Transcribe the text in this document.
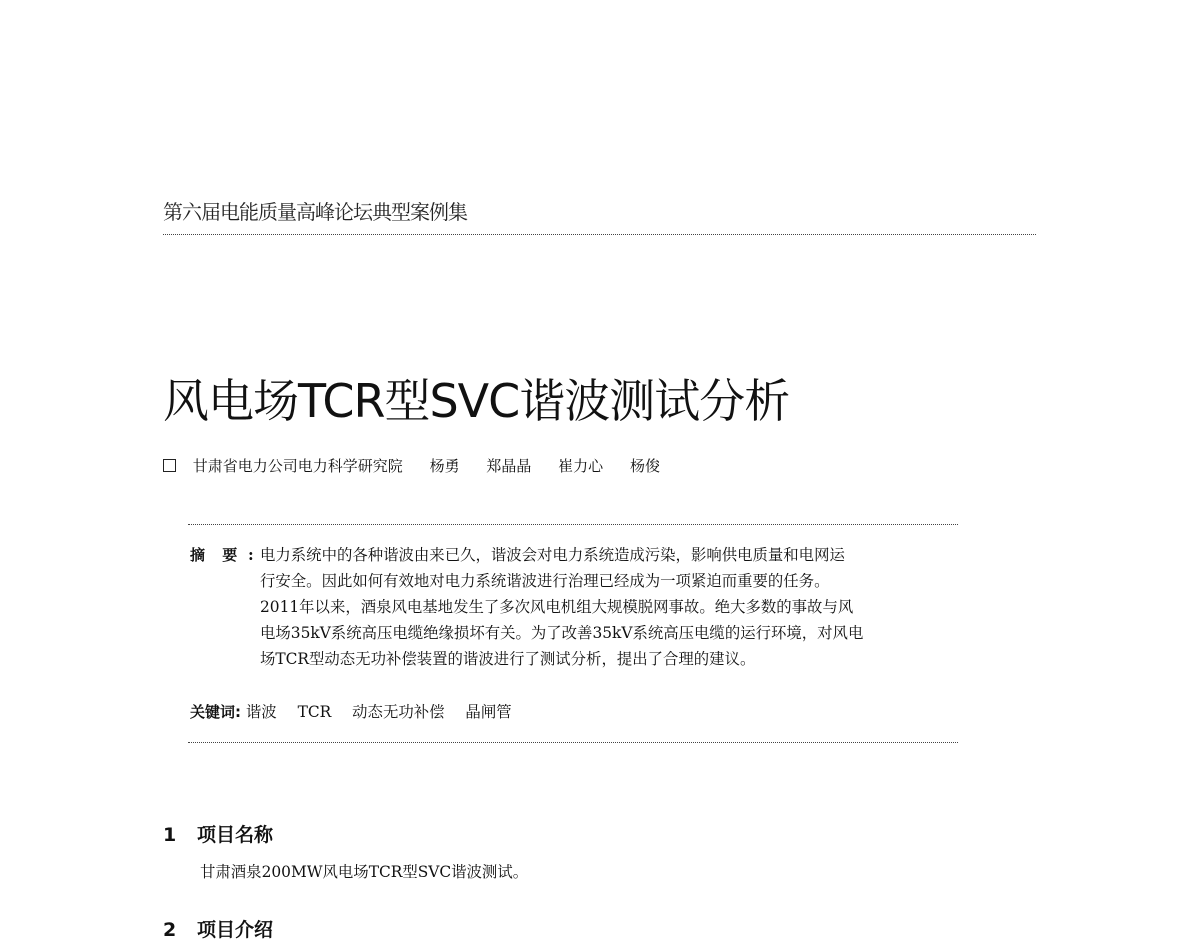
第六届电能质量高峰论坛典型案例集
风电场TCR型SVC谐波测试分析
甘肃省电力公司电力科学研究院 杨勇 郑晶晶 崔力心 杨俊
摘 要 : 电力系统中的各种谐波由来已久，谐波会对电力系统造成污染，影响供电质量和电网运
行安全。因此如何有效地对电力系统谐波进行治理已经成为一项紧迫而重要的任务。
2011年以来，酒泉风电基地发生了多次风电机组大规模脱网事故。绝大多数的事故与风
电场35kV系统高压电缆绝缘损坏有关。为了改善35kV系统高压电缆的运行环境，对风电
场TCR型动态无功补偿装置的谐波进行了测试分析，提出了合理的建议。
关键词: 谐波 TCR 动态无功补偿 晶闸管
1 项目名称
甘肃酒泉200MW风电场TCR型SVC谐波测试。
2 项目介绍
